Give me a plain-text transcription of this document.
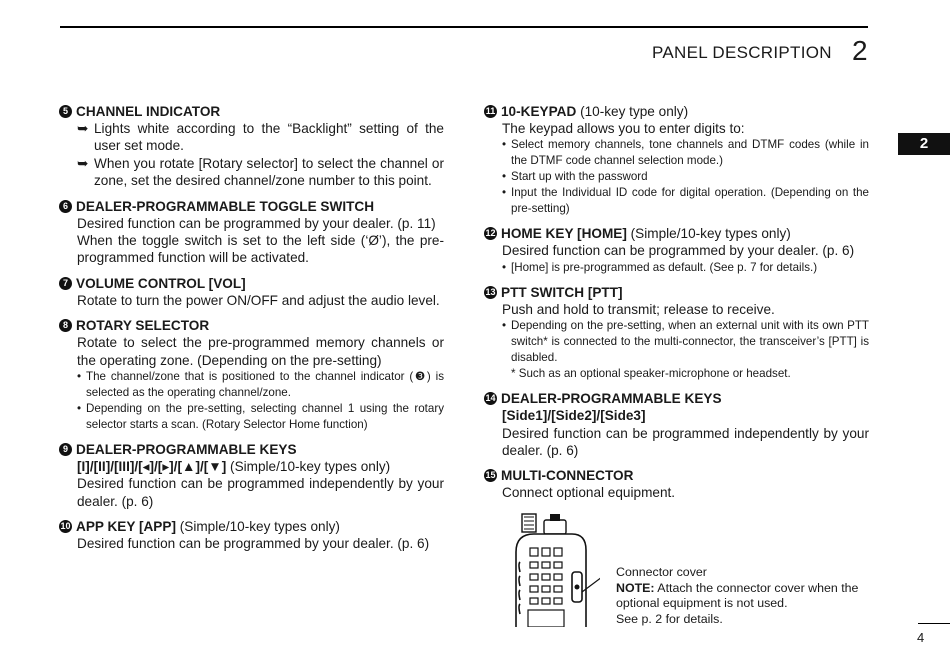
PANEL DESCRIPTION 2
2
5 CHANNEL INDICATOR
➥ Lights white according to the “Backlight” setting of the user set mode.
➥ When you rotate [Rotary selector] to select the channel or zone, set the desired channel/zone number to this point.
6 DEALER-PROGRAMMABLE TOGGLE SWITCH
Desired function can be programmed by your dealer. (p. 11)
When the toggle switch is set to the left side (‘Ø’), the pre-programmed function will be activated.
7 VOLUME CONTROL [VOL]
Rotate to turn the power ON/OFF and adjust the audio level.
8 ROTARY SELECTOR
Rotate to select the pre-programmed memory channels or the operating zone. (Depending on the pre-setting)
• The channel/zone that is positioned to the channel indicator (❸) is selected as the operating channel/zone.
• Depending on the pre-setting, selecting channel 1 using the rotary selector starts a scan. (Rotary Selector Home function)
9 DEALER-PROGRAMMABLE KEYS
[I]/[II]/[III]/[◂]/[▸]/[▲]/[▼] (Simple/10-key types only)
Desired function can be programmed independently by your dealer. (p. 6)
10 APP KEY [APP] (Simple/10-key types only)
Desired function can be programmed by your dealer. (p. 6)
11 10-KEYPAD (10-key type only)
The keypad allows you to enter digits to:
• Select memory channels, tone channels and DTMF codes (while in the DTMF code channel selection mode.)
• Start up with the password
• Input the Individual ID code for digital operation. (Depending on the pre-setting)
12 HOME KEY [HOME] (Simple/10-key types only)
Desired function can be programmed by your dealer. (p. 6)
• [Home] is pre-programmed as default. (See p. 7 for details.)
13 PTT SWITCH [PTT]
Push and hold to transmit; release to receive.
• Depending on the pre-setting, when an external unit with its own PTT switch* is connected to the multi-connector, the transceiver’s [PTT] is disabled.
* Such as an optional speaker-microphone or headset.
14 DEALER-PROGRAMMABLE KEYS
[Side1]/[Side2]/[Side3]
Desired function can be programmed independently by your dealer. (p. 6)
15 MULTI-CONNECTOR
Connect optional equipment.
Connector cover
NOTE: Attach the connector cover when the optional equipment is not used.
See p. 2 for details.
4
